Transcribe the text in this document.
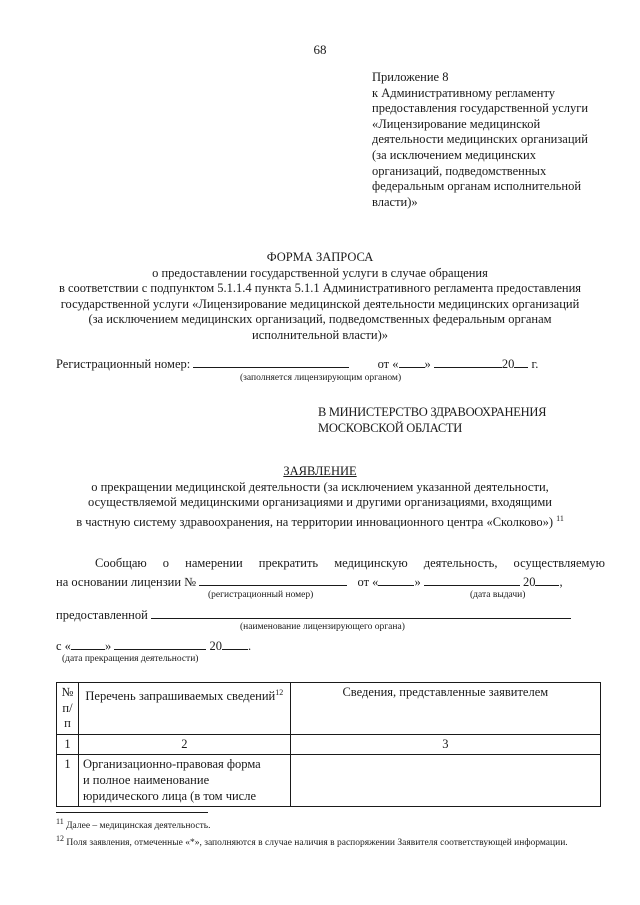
68
Приложение 8
к Административному регламенту
предоставления государственной услуги
«Лицензирование медицинской
деятельности медицинских организаций
(за исключением медицинских
организаций, подведомственных
федеральным органам исполнительной
власти)»
ФОРМА ЗАПРОСА
о предоставлении государственной услуги в случае обращения
в соответствии с подпунктом 5.1.1.4 пункта 5.1.1 Административного регламента предоставления
государственной услуги «Лицензирование медицинской деятельности медицинских организаций
(за исключением медицинских организаций, подведомственных федеральным органам
исполнительной власти)»
Регистрационный номер:	от « »	20 г.
(заполняется лицензирующим органом)
В МИНИСТЕРСТВО ЗДРАВООХРАНЕНИЯ
МОСКОВСКОЙ ОБЛАСТИ
ЗАЯВЛЕНИЕ
о прекращении медицинской деятельности (за исключением указанной деятельности,
осуществляемой медицинскими организациями и другими организациями, входящими
в частную систему здравоохранения, на территории инновационного центра «Сколково») $^{11}$
Сообщаю о намерении прекратить медицинскую деятельность, осуществляемую
на основании лицензии №	от «	»	20 ,
(регистрационный номер)	(дата выдачи)
предоставленной
(наименование лицензирующего органа)
с «	»	20 .
(дата прекращения деятельности)
№
п/п	Перечень запрашиваемых сведений$^{12}$	Сведения, представленные заявителем
1	2	3
1	Организационно-правовая форма
и полное наименование
юридического лица (в том числе	

$^{11}$ Далее – медицинская деятельность.
$^{12}$ Поля заявления, отмеченные «*», заполняются в случае наличия в распоряжении Заявителя соответствующей информации.
